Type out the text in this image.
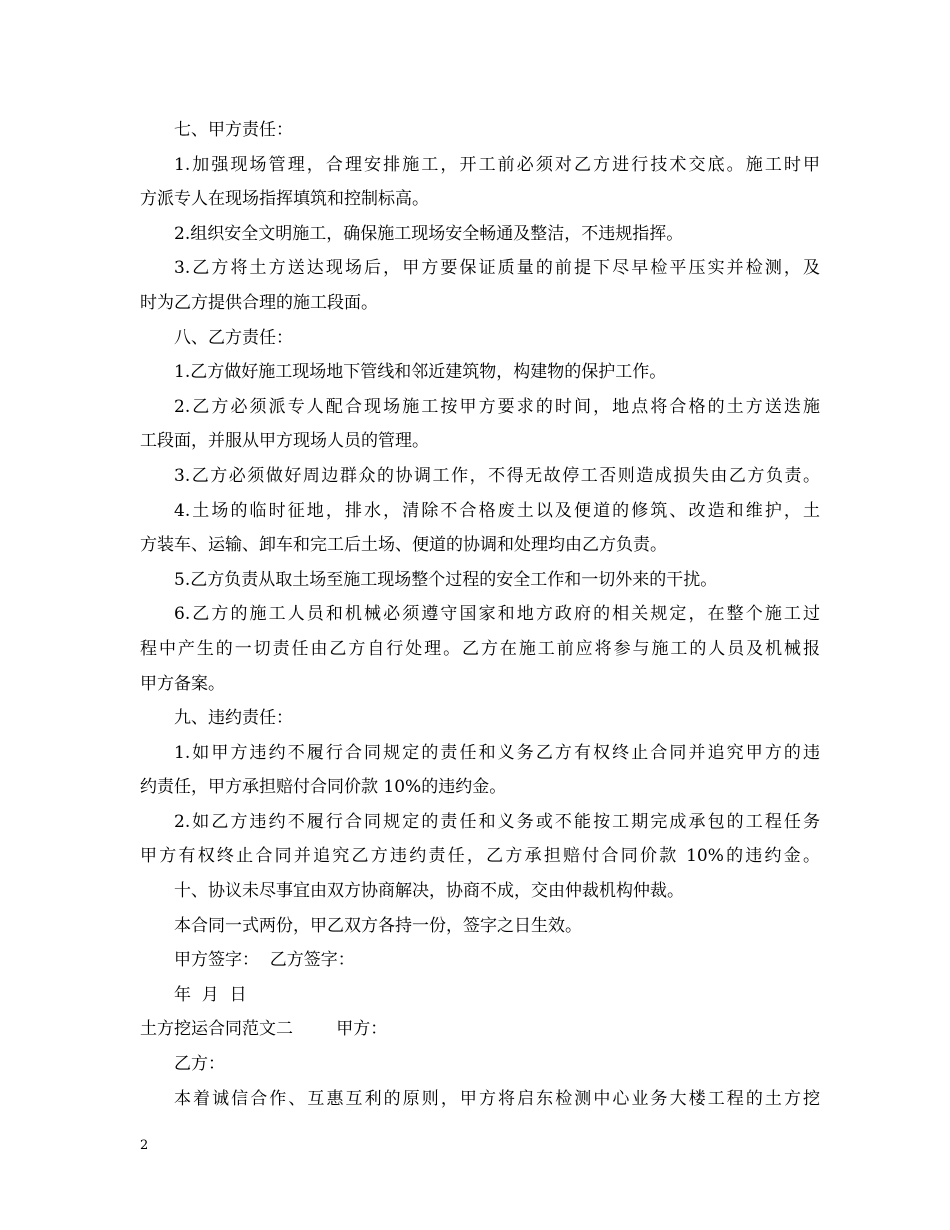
七、甲方责任：
1.加强现场管理，合理安排施工，开工前必须对乙方进行技术交底。施工时甲
方派专人在现场指挥填筑和控制标高。
2.组织安全文明施工，确保施工现场安全畅通及整洁，不违规指挥。
3.乙方将土方送达现场后，甲方要保证质量的前提下尽早检平压实并检测，及
时为乙方提供合理的施工段面。
八、乙方责任：
1.乙方做好施工现场地下管线和邻近建筑物，构建物的保护工作。
2.乙方必须派专人配合现场施工按甲方要求的时间，地点将合格的土方送迭施
工段面，并服从甲方现场人员的管理。
3.乙方必须做好周边群众的协调工作，不得无故停工否则造成损失由乙方负责。
4.土场的临时征地，排水，清除不合格废土以及便道的修筑、改造和维护，土
方装车、运输、卸车和完工后土场、便道的协调和处理均由乙方负责。
5.乙方负责从取土场至施工现场整个过程的安全工作和一切外来的干扰。
6.乙方的施工人员和机械必须遵守国家和地方政府的相关规定，在整个施工过
程中产生的一切责任由乙方自行处理。乙方在施工前应将参与施工的人员及机械报
甲方备案。
九、违约责任：
1.如甲方违约不履行合同规定的责任和义务乙方有权终止合同并追究甲方的违
约责任，甲方承担赔付合同价款 10%的违约金。
2.如乙方违约不履行合同规定的责任和义务或不能按工期完成承包的工程任务
甲方有权终止合同并追究乙方违约责任，乙方承担赔付合同价款 10%的违约金。
十、协议未尽事宜由双方协商解决，协商不成，交由仲裁机构仲裁。
本合同一式两份，甲乙双方各持一份，签字之日生效。
甲方签字：  乙方签字：
年  月  日
土方挖运合同范文二        甲方：
乙方：
本着诚信合作、互惠互利的原则，甲方将启东检测中心业务大楼工程的土方挖
2
